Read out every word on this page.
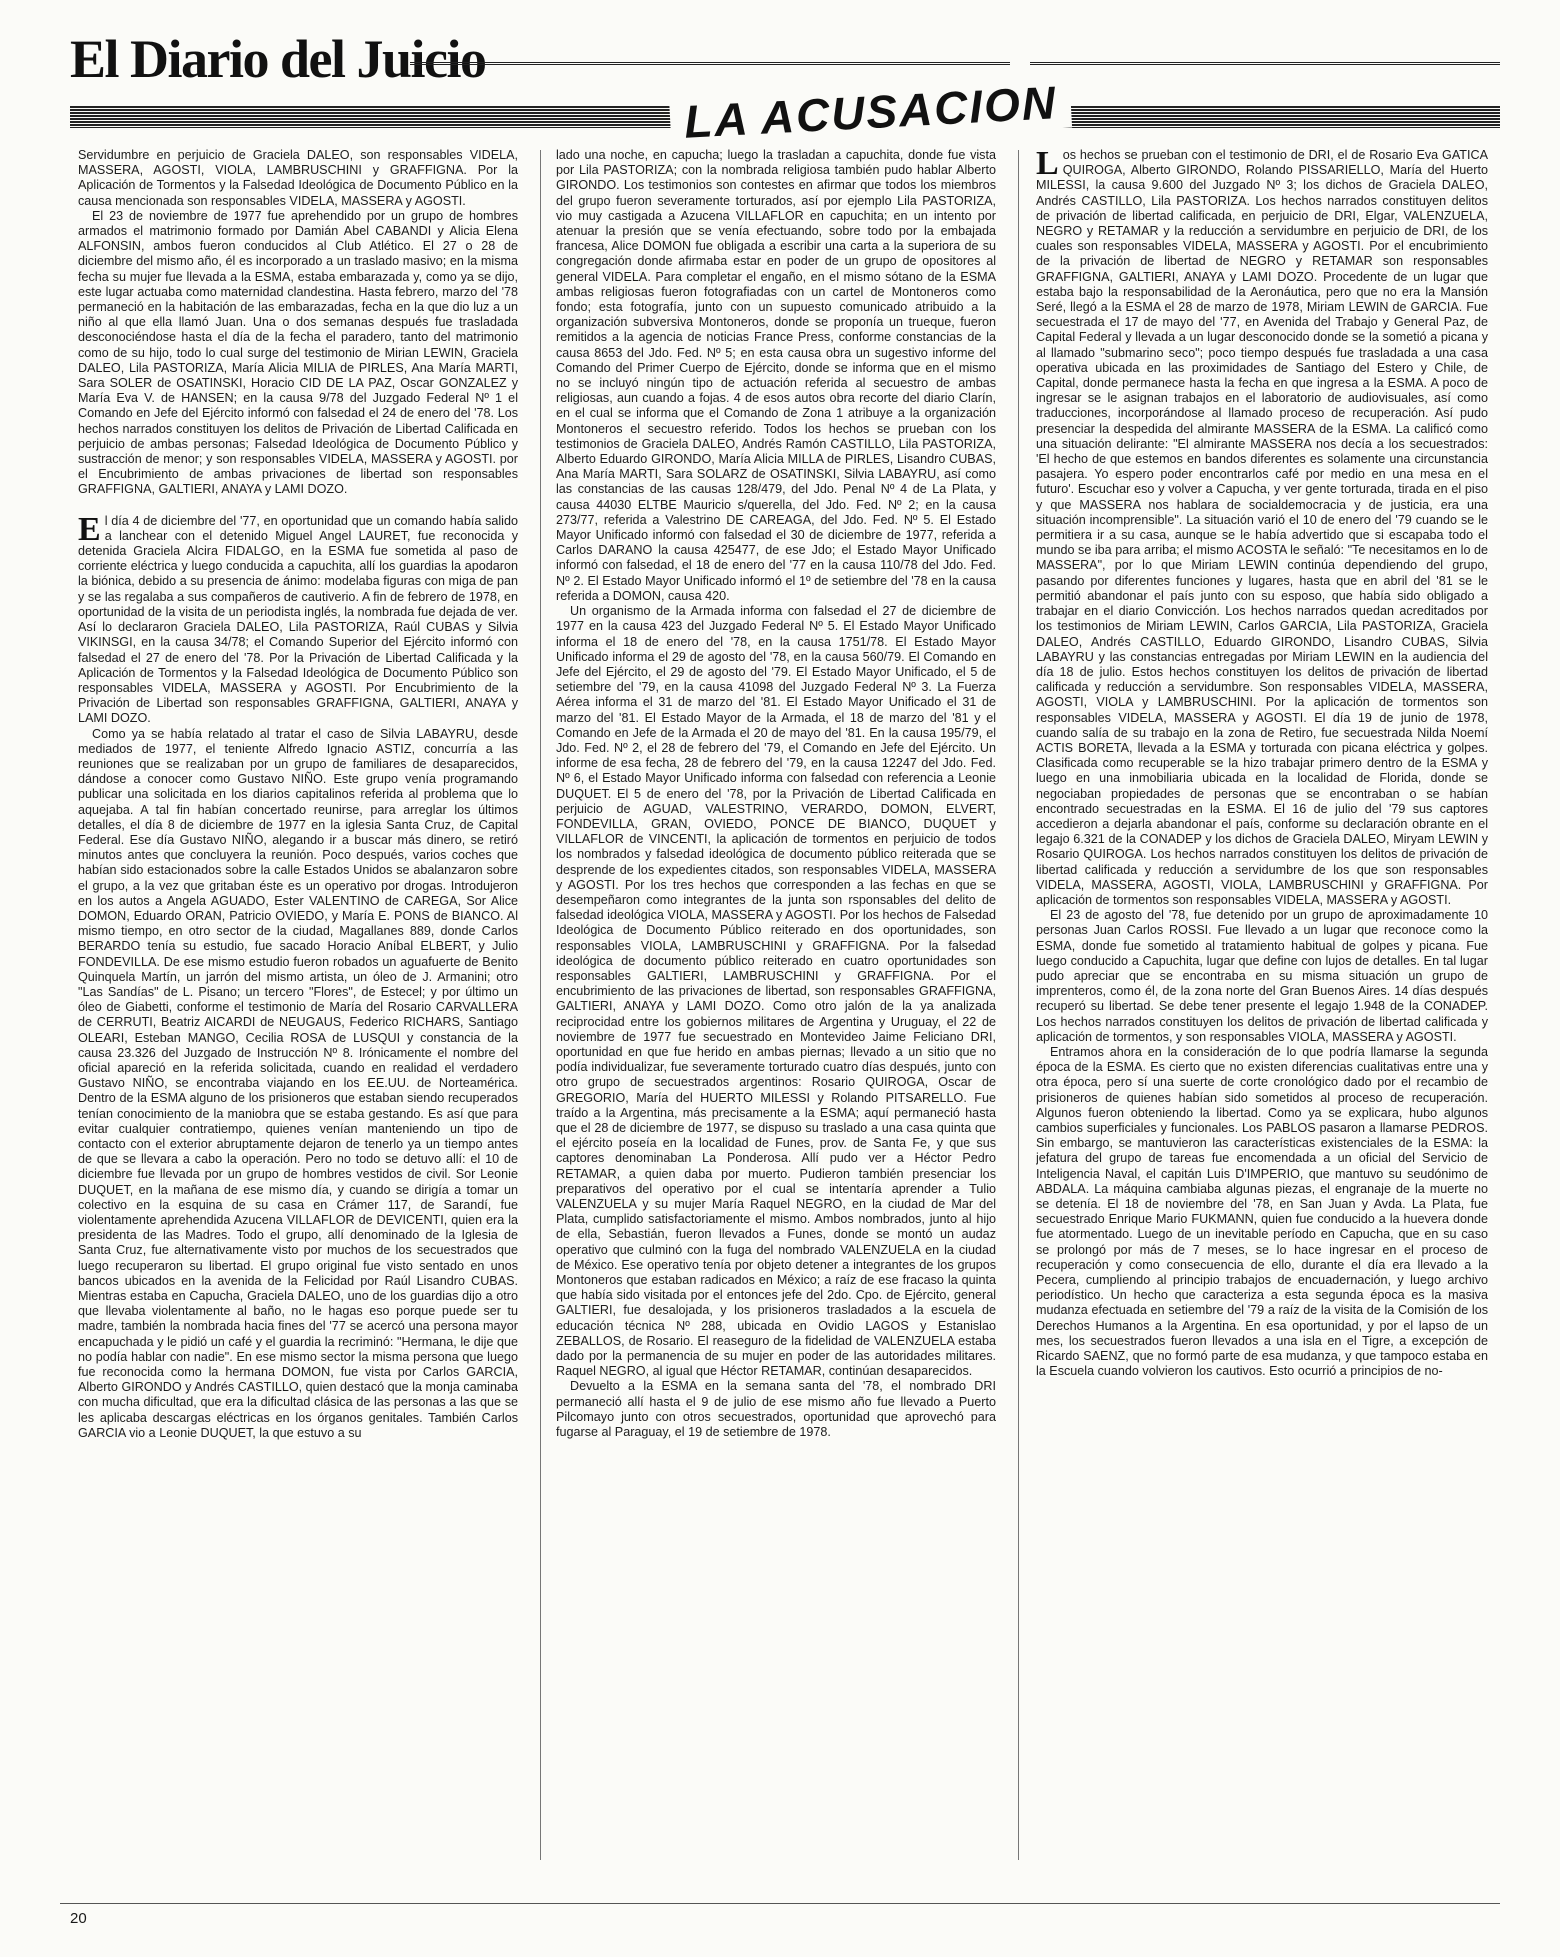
El Diario del Juicio
LA ACUSACION

Servidumbre en perjuicio de Graciela DALEO, son responsables VIDELA, MASSERA, AGOSTI, VIOLA, LAMBRUSCHINI y GRAFFIGNA. Por la Aplicación de Tormentos y la Falsedad Ideológica de Documento Público en la causa mencionada son responsables VIDELA, MASSERA y AGOSTI.

El 23 de noviembre de 1977 fue aprehendido por un grupo de hombres armados el matrimonio formado por Damián Abel CABANDI y Alicia Elena ALFONSIN, ambos fueron conducidos al Club Atlético. El 27 o 28 de diciembre del mismo año, él es incorporado a un traslado masivo; en la misma fecha su mujer fue llevada a la ESMA, estaba embarazada y, como ya se dijo, este lugar actuaba como maternidad clandestina. Hasta febrero, marzo del '78 permaneció en la habitación de las embarazadas, fecha en la que dio luz a un niño al que ella llamó Juan. Una o dos semanas después fue trasladada desconociéndose hasta el día de la fecha el paradero, tanto del matrimonio como de su hijo, todo lo cual surge del testimonio de Mirian LEWIN, Graciela DALEO, Lila PASTORIZA, María Alicia MILIA de PIRLES, Ana María MARTI, Sara SOLER de OSATINSKI, Horacio CID DE LA PAZ, Oscar GONZALEZ y María Eva V. de HANSEN; en la causa 9/78 del Juzgado Federal Nº 1 el Comando en Jefe del Ejército informó con falsedad el 24 de enero del '78. Los hechos narrados constituyen los delitos de Privación de Libertad Calificada en perjuicio de ambas personas; Falsedad Ideológica de Documento Público y sustracción de menor; y son responsables VIDELA, MASSERA y AGOSTI. por el Encubrimiento de ambas privaciones de libertad son responsables GRAFFIGNA, GALTIERI, ANAYA y LAMI DOZO.

El día 4 de diciembre del '77, en oportunidad que un comando había salido a lanchear con el detenido Miguel Angel LAURET, fue reconocida y detenida Graciela Alcira FIDALGO, en la ESMA fue sometida al paso de corriente eléctrica y luego conducida a capuchita, allí los guardias la apodaron la biónica, debido a su presencia de ánimo: modelaba figuras con miga de pan y se las regalaba a sus compañeros de cautiverio. A fin de febrero de 1978, en oportunidad de la visita de un periodista inglés, la nombrada fue dejada de ver. Así lo declararon Graciela DALEO, Lila PASTORIZA, Raúl CUBAS y Silvia VIKINSGI, en la causa 34/78; el Comando Superior del Ejército informó con falsedad el 27 de enero del '78. Por la Privación de Libertad Calificada y la Aplicación de Tormentos y la Falsedad Ideológica de Documento Público son responsables VIDELA, MASSERA y AGOSTI. Por Encubrimiento de la Privación de Libertad son responsables GRAFFIGNA, GALTIERI, ANAYA y LAMI DOZO.

Como ya se había relatado al tratar el caso de Silvia LABAYRU, desde mediados de 1977, el teniente Alfredo Ignacio ASTIZ, concurría a las reuniones que se realizaban por un grupo de familiares de desaparecidos, dándose a conocer como Gustavo NIÑO. Este grupo venía programando publicar una solicitada en los diarios capitalinos referida al problema que lo aquejaba. A tal fin habían concertado reunirse, para arreglar los últimos detalles, el día 8 de diciembre de 1977 en la iglesia Santa Cruz, de Capital Federal. Ese día Gustavo NIÑO, alegando ir a buscar más dinero, se retiró minutos antes que concluyera la reunión. Poco después, varios coches que habían sido estacionados sobre la calle Estados Unidos se abalanzaron sobre el grupo, a la vez que gritaban éste es un operativo por drogas. Introdujeron en los autos a Angela AGUADO, Ester VALENTINO de CAREGA, Sor Alice DOMON, Eduardo ORAN, Patricio OVIEDO, y María E. PONS de BIANCO. Al mismo tiempo, en otro sector de la ciudad, Magallanes 889, donde Carlos BERARDO tenía su estudio, fue sacado Horacio Aníbal ELBERT, y Julio FONDEVILLA. De ese mismo estudio fueron robados un aguafuerte de Benito Quinquela Martín, un jarrón del mismo artista, un óleo de J. Armanini; otro "Las Sandías" de L. Pisano; un tercero "Flores", de Estecel; y por último un óleo de Giabetti, conforme el testimonio de María del Rosario CARVALLERA de CERRUTI, Beatriz AICARDI de NEUGAUS, Federico RICHARS, Santiago OLEARI, Esteban MANGO, Cecilia ROSA de LUSQUI y constancia de la causa 23.326 del Juzgado de Instrucción Nº 8. Irónicamente el nombre del oficial apareció en la referida solicitada, cuando en realidad el verdadero Gustavo NIÑO, se encontraba viajando en los EE.UU. de Norteamérica. Dentro de la ESMA alguno de los prisioneros que estaban siendo recuperados tenían conocimiento de la maniobra que se estaba gestando. Es así que para evitar cualquier contratiempo, quienes venían manteniendo un tipo de contacto con el exterior abruptamente dejaron de tenerlo ya un tiempo antes de que se llevara a cabo la operación. Pero no todo se detuvo allí: el 10 de diciembre fue llevada por un grupo de hombres vestidos de civil. Sor Leonie DUQUET, en la mañana de ese mismo día, y cuando se dirigía a tomar un colectivo en la esquina de su casa en Crámer 117, de Sarandí, fue violentamente aprehendida Azucena VILLAFLOR de DEVICENTI, quien era la presidenta de las Madres. Todo el grupo, allí denominado de la Iglesia de Santa Cruz, fue alternativamente visto por muchos de los secuestrados que luego recuperaron su libertad. El grupo original fue visto sentado en unos bancos ubicados en la avenida de la Felicidad por Raúl Lisandro CUBAS. Mientras estaba en Capucha, Graciela DALEO, uno de los guardias dijo a otro que llevaba violentamente al baño, no le hagas eso porque puede ser tu madre, también la nombrada hacia fines del '77 se acercó una persona mayor encapuchada y le pidió un café y el guardia la recriminó: "Hermana, le dije que no podía hablar con nadie". En ese mismo sector la misma persona que luego fue reconocida como la hermana DOMON, fue vista por Carlos GARCIA, Alberto GIRONDO y Andrés CASTILLO, quien destacó que la monja caminaba con mucha dificultad, que era la dificultad clásica de las personas a las que se les aplicaba descargas eléctricas en los órganos genitales. También Carlos GARCIA vio a Leonie DUQUET, la que estuvo a su

lado una noche, en capucha; luego la trasladan a capuchita, donde fue vista por Lila PASTORIZA; con la nombrada religiosa también pudo hablar Alberto GIRONDO. Los testimonios son contestes en afirmar que todos los miembros del grupo fueron severamente torturados, así por ejemplo Lila PASTORIZA, vio muy castigada a Azucena VILLAFLOR en capuchita; en un intento por atenuar la presión que se venía efectuando, sobre todo por la embajada francesa, Alice DOMON fue obligada a escribir una carta a la superiora de su congregación donde afirmaba estar en poder de un grupo de opositores al general VIDELA. Para completar el engaño, en el mismo sótano de la ESMA ambas religiosas fueron fotografiadas con un cartel de Montoneros como fondo; esta fotografía, junto con un supuesto comunicado atribuido a la organización subversiva Montoneros, donde se proponía un trueque, fueron remitidos a la agencia de noticias France Press, conforme constancias de la causa 8653 del Jdo. Fed. Nº 5; en esta causa obra un sugestivo informe del Comando del Primer Cuerpo de Ejército, donde se informa que en el mismo no se incluyó ningún tipo de actuación referida al secuestro de ambas religiosas, aun cuando a fojas. 4 de esos autos obra recorte del diario Clarín, en el cual se informa que el Comando de Zona 1 atribuye a la organización Montoneros el secuestro referido. Todos los hechos se prueban con los testimonios de Graciela DALEO, Andrés Ramón CASTILLO, Lila PASTORIZA, Alberto Eduardo GIRONDO, María Alicia MILLA de PIRLES, Lisandro CUBAS, Ana María MARTI, Sara SOLARZ de OSATINSKI, Silvia LABAYRU, así como las constancias de las causas 128/479, del Jdo. Penal Nº 4 de La Plata, y causa 44030 ELTBE Mauricio s/querella, del Jdo. Fed. Nº 2; en la causa 273/77, referida a Valestrino DE CAREAGA, del Jdo. Fed. Nº 5. El Estado Mayor Unificado informó con falsedad el 30 de diciembre de 1977, referida a Carlos DARANO la causa 425477, de ese Jdo; el Estado Mayor Unificado informó con falsedad, el 18 de enero del '77 en la causa 110/78 del Jdo. Fed. Nº 2. El Estado Mayor Unificado informó el 1º de setiembre del '78 en la causa referida a DOMON, causa 420.

Un organismo de la Armada informa con falsedad el 27 de diciembre de 1977 en la causa 423 del Juzgado Federal Nº 5. El Estado Mayor Unificado informa el 18 de enero del '78, en la causa 1751/78. El Estado Mayor Unificado informa el 29 de agosto del '78, en la causa 560/79. El Comando en Jefe del Ejército, el 29 de agosto del '79. El Estado Mayor Unificado, el 5 de setiembre del '79, en la causa 41098 del Juzgado Federal Nº 3. La Fuerza Aérea informa el 31 de marzo del '81. El Estado Mayor Unificado el 31 de marzo del '81. El Estado Mayor de la Armada, el 18 de marzo del '81 y el Comando en Jefe de la Armada el 20 de mayo del '81. En la causa 195/79, el Jdo. Fed. Nº 2, el 28 de febrero del '79, el Comando en Jefe del Ejército. Un informe de esa fecha, 28 de febrero del '79, en la causa 12247 del Jdo. Fed. Nº 6, el Estado Mayor Unificado informa con falsedad con referencia a Leonie DUQUET. El 5 de enero del '78, por la Privación de Libertad Calificada en perjuicio de AGUAD, VALESTRINO, VERARDO, DOMON, ELVERT, FONDEVILLA, GRAN, OVIEDO, PONCE DE BIANCO, DUQUET y VILLAFLOR de VINCENTI, la aplicación de tormentos en perjuicio de todos los nombrados y falsedad ideológica de documento público reiterada que se desprende de los expedientes citados, son responsables VIDELA, MASSERA y AGOSTI. Por los tres hechos que corresponden a las fechas en que se desempeñaron como integrantes de la junta son rsponsables del delito de falsedad ideológica VIOLA, MASSERA y AGOSTI. Por los hechos de Falsedad Ideológica de Documento Público reiterado en dos oportunidades, son responsables VIOLA, LAMBRUSCHINI y GRAFFIGNA. Por la falsedad ideológica de documento público reiterado en cuatro oportunidades son responsables GALTIERI, LAMBRUSCHINI y GRAFFIGNA. Por el encubrimiento de las privaciones de libertad, son responsables GRAFFIGNA, GALTIERI, ANAYA y LAMI DOZO. Como otro jalón de la ya analizada reciprocidad entre los gobiernos militares de Argentina y Uruguay, el 22 de noviembre de 1977 fue secuestrado en Montevideo Jaime Feliciano DRI, oportunidad en que fue herido en ambas piernas; llevado a un sitio que no podía individualizar, fue severamente torturado cuatro días después, junto con otro grupo de secuestrados argentinos: Rosario QUIROGA, Oscar de GREGORIO, María del HUERTO MILESSI y Rolando PITSARELLO. Fue traído a la Argentina, más precisamente a la ESMA; aquí permaneció hasta que el 28 de diciembre de 1977, se dispuso su traslado a una casa quinta que el ejército poseía en la localidad de Funes, prov. de Santa Fe, y que sus captores denominaban La Ponderosa. Allí pudo ver a Héctor Pedro RETAMAR, a quien daba por muerto. Pudieron también presenciar los preparativos del operativo por el cual se intentaría aprender a Tulio VALENZUELA y su mujer María Raquel NEGRO, en la ciudad de Mar del Plata, cumplido satisfactoriamente el mismo. Ambos nombrados, junto al hijo de ella, Sebastián, fueron llevados a Funes, donde se montó un audaz operativo que culminó con la fuga del nombrado VALENZUELA en la ciudad de México. Ese operativo tenía por objeto detener a integrantes de los grupos Montoneros que estaban radicados en México; a raíz de ese fracaso la quinta que había sido visitada por el entonces jefe del 2do. Cpo. de Ejército, general GALTIERI, fue desalojada, y los prisioneros trasladados a la escuela de educación técnica Nº 288, ubicada en Ovidio LAGOS y Estanislao ZEBALLOS, de Rosario. El reaseguro de la fidelidad de VALENZUELA estaba dado por la permanencia de su mujer en poder de las autoridades militares. Raquel NEGRO, al igual que Héctor RETAMAR, continúan desaparecidos.

Devuelto a la ESMA en la semana santa del '78, el nombrado DRI permaneció allí hasta el 9 de julio de ese mismo año fue llevado a Puerto Pilcomayo junto con otros secuestrados, oportunidad que aprovechó para fugarse al Paraguay, el 19 de setiembre de 1978.

Los hechos se prueban con el testimonio de DRI, el de Rosario Eva GATICA QUIROGA, Alberto GIRONDO, Rolando PISSARIELLO, María del Huerto MILESSI, la causa 9.600 del Juzgado Nº 3; los dichos de Graciela DALEO, Andrés CASTILLO, Lila PASTORIZA. Los hechos narrados constituyen delitos de privación de libertad calificada, en perjuicio de DRI, Elgar, VALENZUELA, NEGRO y RETAMAR y la reducción a servidumbre en perjuicio de DRI, de los cuales son responsables VIDELA, MASSERA y AGOSTI. Por el encubrimiento de la privación de libertad de NEGRO y RETAMAR son responsables GRAFFIGNA, GALTIERI, ANAYA y LAMI DOZO. Procedente de un lugar que estaba bajo la responsabilidad de la Aeronáutica, pero que no era la Mansión Seré, llegó a la ESMA el 28 de marzo de 1978, Miriam LEWIN de GARCIA. Fue secuestrada el 17 de mayo del '77, en Avenida del Trabajo y General Paz, de Capital Federal y llevada a un lugar desconocido donde se la sometió a picana y al llamado "submarino seco"; poco tiempo después fue trasladada a una casa operativa ubicada en las proximidades de Santiago del Estero y Chile, de Capital, donde permanece hasta la fecha en que ingresa a la ESMA. A poco de ingresar se le asignan trabajos en el laboratorio de audiovisuales, así como traducciones, incorporándose al llamado proceso de recuperación. Así pudo presenciar la despedida del almirante MASSERA de la ESMA. La calificó como una situación delirante: "El almirante MASSERA nos decía a los secuestrados: 'El hecho de que estemos en bandos diferentes es solamente una circunstancia pasajera. Yo espero poder encontrarlos café por medio en una mesa en el futuro'. Escuchar eso y volver a Capucha, y ver gente torturada, tirada en el piso y que MASSERA nos hablara de socialdemocracia y de justicia, era una situación incomprensible". La situación varió el 10 de enero del '79 cuando se le permitiera ir a su casa, aunque se le había advertido que si escapaba todo el mundo se iba para arriba; el mismo ACOSTA le señaló: "Te necesitamos en lo de MASSERA", por lo que Miriam LEWIN continúa dependiendo del grupo, pasando por diferentes funciones y lugares, hasta que en abril del '81 se le permitió abandonar el país junto con su esposo, que había sido obligado a trabajar en el diario Convicción. Los hechos narrados quedan acreditados por los testimonios de Miriam LEWIN, Carlos GARCIA, Lila PASTORIZA, Graciela DALEO, Andrés CASTILLO, Eduardo GIRONDO, Lisandro CUBAS, Silvia LABAYRU y las constancias entregadas por Miriam LEWIN en la audiencia del día 18 de julio. Estos hechos constituyen los delitos de privación de libertad calificada y reducción a servidumbre. Son responsables VIDELA, MASSERA, AGOSTI, VIOLA y LAMBRUSCHINI. Por la aplicación de tormentos son responsables VIDELA, MASSERA y AGOSTI. El día 19 de junio de 1978, cuando salía de su trabajo en la zona de Retiro, fue secuestrada Nilda Noemí ACTIS BORETA, llevada a la ESMA y torturada con picana eléctrica y golpes. Clasificada como recuperable se la hizo trabajar primero dentro de la ESMA y luego en una inmobiliaria ubicada en la localidad de Florida, donde se negociaban propiedades de personas que se encontraban o se habían encontrado secuestradas en la ESMA. El 16 de julio del '79 sus captores accedieron a dejarla abandonar el país, conforme su declaración obrante en el legajo 6.321 de la CONADEP y los dichos de Graciela DALEO, Miryam LEWIN y Rosario QUIROGA. Los hechos narrados constituyen los delitos de privación de libertad calificada y reducción a servidumbre de los que son responsables VIDELA, MASSERA, AGOSTI, VIOLA, LAMBRUSCHINI y GRAFFIGNA. Por aplicación de tormentos son responsables VIDELA, MASSERA y AGOSTI.

El 23 de agosto del '78, fue detenido por un grupo de aproximadamente 10 personas Juan Carlos ROSSI. Fue llevado a un lugar que reconoce como la ESMA, donde fue sometido al tratamiento habitual de golpes y picana. Fue luego conducido a Capuchita, lugar que define con lujos de detalles. En tal lugar pudo apreciar que se encontraba en su misma situación un grupo de imprenteros, como él, de la zona norte del Gran Buenos Aires. 14 días después recuperó su libertad. Se debe tener presente el legajo 1.948 de la CONADEP. Los hechos narrados constituyen los delitos de privación de libertad calificada y aplicación de tormentos, y son responsables VIOLA, MASSERA y AGOSTI.

Entramos ahora en la consideración de lo que podría llamarse la segunda época de la ESMA. Es cierto que no existen diferencias cualitativas entre una y otra época, pero sí una suerte de corte cronológico dado por el recambio de prisioneros de quienes habían sido sometidos al proceso de recuperación. Algunos fueron obteniendo la libertad. Como ya se explicara, hubo algunos cambios superficiales y funcionales. Los PABLOS pasaron a llamarse PEDROS. Sin embargo, se mantuvieron las características existenciales de la ESMA: la jefatura del grupo de tareas fue encomendada a un oficial del Servicio de Inteligencia Naval, el capitán Luis D'IMPERIO, que mantuvo su seudónimo de ABDALA. La máquina cambiaba algunas piezas, el engranaje de la muerte no se detenía. El 18 de noviembre del '78, en San Juan y Avda. La Plata, fue secuestrado Enrique Mario FUKMANN, quien fue conducido a la huevera donde fue atormentado. Luego de un inevitable período en Capucha, que en su caso se prolongó por más de 7 meses, se lo hace ingresar en el proceso de recuperación y como consecuencia de ello, durante el día era llevado a la Pecera, cumpliendo al principio trabajos de encuadernación, y luego archivo periodístico. Un hecho que caracteriza a esta segunda época es la masiva mudanza efectuada en setiembre del '79 a raíz de la visita de la Comisión de los Derechos Humanos a la Argentina. En esa oportunidad, y por el lapso de un mes, los secuestrados fueron llevados a una isla en el Tigre, a excepción de Ricardo SAENZ, que no formó parte de esa mudanza, y que tampoco estaba en la Escuela cuando volvieron los cautivos. Esto ocurrió a principios de no-

20
